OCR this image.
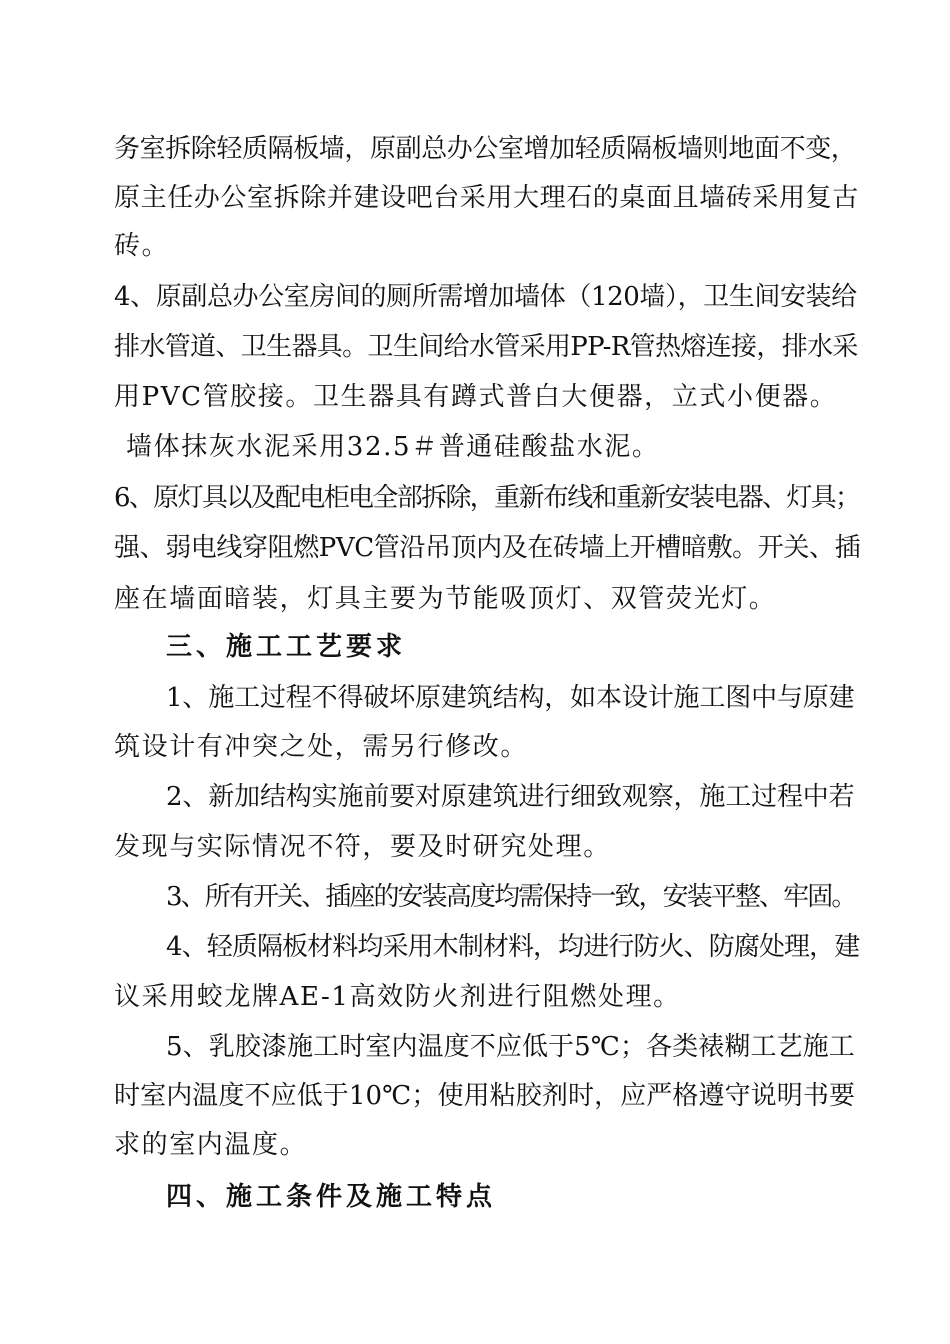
务室拆除轻质隔板墙，原副总办公室增加轻质隔板墙则地面不变，
原主任办公室拆除并建设吧台采用大理石的桌面且墙砖采用复古
砖。
4、原副总办公室房间的厕所需增加墙体（120墙），卫生间安装给
排水管道、卫生器具。卫生间给水管采用PP-R管热熔连接，排水采
用PVC管胶接。卫生器具有蹲式普白大便器，立式小便器。
墙体抹灰水泥采用32.5＃普通硅酸盐水泥。
6、原灯具以及配电柜电全部拆除，重新布线和重新安装电器、灯具；
强、弱电线穿阻燃PVC管沿吊顶内及在砖墙上开槽暗敷。开关、插
座在墙面暗装，灯具主要为节能吸顶灯、双管荧光灯。
三、施工工艺要求
1、施工过程不得破坏原建筑结构，如本设计施工图中与原建
筑设计有冲突之处，需另行修改。
2、新加结构实施前要对原建筑进行细致观察，施工过程中若
发现与实际情况不符，要及时研究处理。
3、所有开关、插座的安装高度均需保持一致，安装平整、牢固。
4、轻质隔板材料均采用木制材料，均进行防火、防腐处理，建
议采用蛟龙牌AE-1高效防火剂进行阻燃处理。
5、乳胶漆施工时室内温度不应低于5℃；各类裱糊工艺施工
时室内温度不应低于10℃；使用粘胶剂时，应严格遵守说明书要
求的室内温度。
四、施工条件及施工特点
